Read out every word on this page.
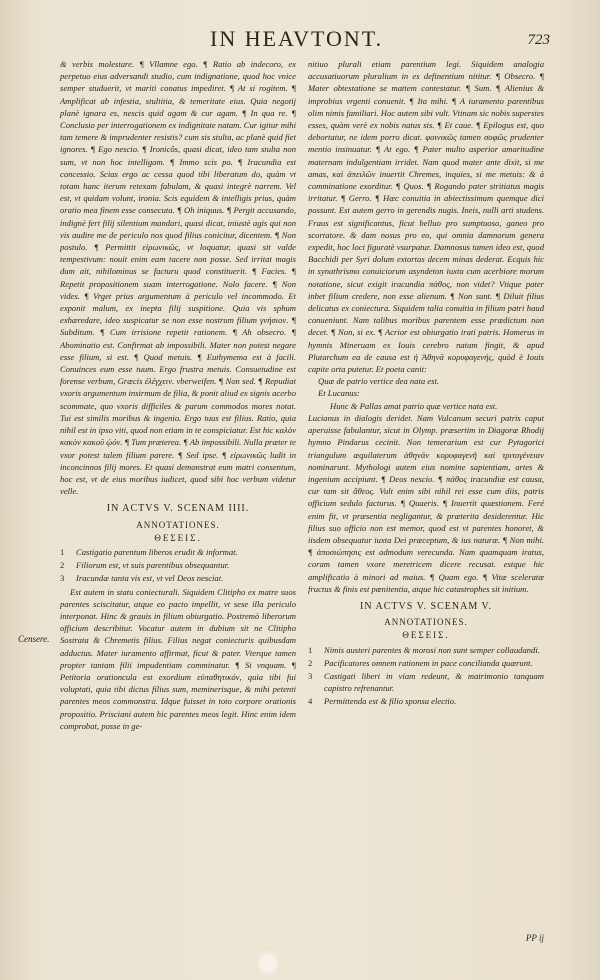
IN HEAVTONT.	723

& verbis molestare. ¶ Vllamne ego. ¶ Ratio ab indecoro, ex perpetuo eius adversandi studio, cum indignatione, quod hoc vnice semper studuerit, vt mariti conatus impediret. ¶ At si rogitem. ¶ Amplificat ab infestia, stultitia, & temeritate eius. Quia negotij planè ignara es, nescis quid agam & cur agam. ¶ In qua re. ¶ Conclusio per interrogationem ex indignitate natam. Cur igitur mihi tam temere & imprudenter resistis? cum sis stulta, ac planè quid fiet ignores. ¶ Ego nescio. ¶ Ironicôs, quasi dicat, ideo tam stulta non sum, vt non hoc intelligam. ¶ Immo scis po. ¶ Iracundia est concessio. Scias ergo ac cessa quod tibi liberatum do, quàm vt totam hanc iterum retexam fabulam, & quasi integrè narrem. Vel est, vt quidam volunt, ironia. Scis equidem & intelligis prius, quàm oratio mea finem esse consecuta. ¶ Oh iniquus. ¶ Pergit accusando, indignè fert filij silentium mandari, quasi dicat, iniustè agis qui non vis audire me de periculo nos quod filius conicitur, dicentem. ¶ Non postulo. ¶ Permittit εἰρωνικῶς, vt loquatur, quasi sit valde tempestivum: nouit enim eam tacere non posse. Sed irritat magis dum ait, nihilominus se facturu quod constituerit. ¶ Facies. ¶ Repetit propositionem suam interrogatione. Nolo facere. ¶ Non vides. ¶ Vrget prius argumentum à periculo vel incommodo. Et exponit malum, ex inepta filij suspitione. Quia vis sphum exhæredare, ideo suspicatur se non esse nostrum filium γνήσιον. ¶ Subditum. ¶ Cum irrisione repetit rationem. ¶ Ah obsecro. ¶ Abominatio est. Confirmat ab impossibili. Mater non potest negare esse filium, si est. ¶ Quod metuis. ¶ Euthymema est à facili. Conuinces eum esse tuum. Ergo frustra metuis. Consuetudine est forense verbum, Græcis ἐλέγχειν. vberweifen. ¶ Non sed. ¶ Repudiat vxoris argumentum insirmum de filia, & ponit aliud ex signis acerbo scommate, quo vxoris difficiles & parum commodos mores notat. Tui est similis moribus & ingenio. Ergo tuus est filius. Ratio, quia nihil est in ipso viti, quod non etiam in te conspiciatur. Est hic καλὸν κακὸν κακοῦ ᾠόν. ¶ Tum præterea. ¶ Ab impossibili. Nulla præter te vxor potest talem filium parere. ¶ Sed ipse. ¶ εἰρωνικῶς ludit in inconcinnos filij mores. Et quasi demonstrat eum matri consentum, hoc est, vt de eius moribus iudicet, quod sibi hoc verbum videtur velle.

IN ACTVS V. SCENAM IIII.
ANNOTATIONES.
ΘΕΣΕΙΣ.
1	Castigatio parentum liberos erudit & informat.
2	Filiorum est, vt suis parentibus obsequantur.
3	Iracundæ tanta vis est, vt vel Deos nesciat.

Est autem in statu coniecturali. Siquidem Clitipho ex matre suos parentes sciscitatur, atque eo pacto impellit, vt sese illa periculo interponat. Hinc & grauis in filium obiurgatio. Postremò liberorum officium describitur. Vocatur autem in dubium sit ne Clitipho Sostrata & Chremetis filius. Filius negat coniecturis quibusdam adductus. Mater iuramento affirmat, ficut & pater. Vterque tamen propter tantam filii impudentiam comminatur. ¶ Si vnquam. ¶ Petitoria orationcula est exordium εὐπαθητικόν, quia tibi fui voluptati, quia tibi dictus filius sum, meminerisque, & mihi petenti parentes meos commonstra. Idque fuisset in toto corpore orationis propositio. Prisciani autem hic parentes meos legit. Hinc enim idem comprobat, posse in ge-

nitiuo plurali etiam parentium legi. Siquidem analogia accusatiuorum pluralium in es definentium nititur. ¶ Obsecro. ¶ Mater obtestatione se mattem contestatur. ¶ Sum. ¶ Alienius & improbius vrgenti conuenit. ¶ Ita mihi. ¶ A iuramento parentibus olim nimis familiari. Hoc autem sibi vult. Vtinam sic nobis superstes esses, quàm verè ex nobis natus sis. ¶ Et caue. ¶ Epilogus est, quo debortatur, ne idem porro dicat. φοινικῶς tamen σοφῶς prudenter mentio insinuatur. ¶ At ego. ¶ Pater multo asperior amaritudine maternam indulgentiam irridet. Nam quod mater ante dixit, si me amas, καὶ ἀπειλῶν inuertit Chremes, inquies, si me metuis: & à comminatione exorditur. ¶ Quos. ¶ Rogando pater stritiatus magis irritatur. ¶ Gerro. ¶ Hæc conuitia in abiectissimum quemque dici possunt. Est autem gerro in gerendis nugis. Ineis, nulli arti studens. Fraus est significantus, ficut belluo pro sumptuoso, ganeo pro scortatore. & dam nosus pro eo, qui omnia damnorum genera expedit, hoc loci figuratè vsurpatur. Damnosus tamen ideo est, quod Bacchidi per Syri dolum extortas decem minas dederat. Ecquis hic in synathrismo conuiciorum asyndeton iuxta cum acerbiore morum notatione, sicut exigit iracundia πάθος, non videt? Vtique pater inbet filium credere, non esse alienum. ¶ Non sunt. ¶ Diluit filius delicatus ex coniectura. Siquidem talia conuitia in filium patri haud conueniunt. Nam talibus moribus parentem esse prædictum non decet. ¶ Non, si ex. ¶ Acrior est obiurgatio irati patris. Homerus in hymnis Mineruam ex Iouis cerebro natam fingit, & apud Plutarchum ea de causa est ἡ Ἀθηνᾶ κορυφαγενής, quòd è Iouis capite orta putetur. Et poeta canit:

Quæ de patrio vertice dea nata est.

Et Lucanus:

Hunc & Pallas amat patrio quæ vertice nata est.

Lucianus in dialogis deridet. Nam Vulcanum securi patris caput aperuisse fabulantur, sicut in Olymp. præsertim in Diagoræ Rhodij hymno Pindarus cecinit. Non temerarium est cur Pytagorici triangulum æquilaterum ἀθηνᾶν κορυφαγενῆ καὶ τριτογένειαν nominarunt. Mythologi autem eius nomine sapientiam, artes & ingenium accipiunt. ¶ Deos nescio. ¶ πάθος iracundiæ est causa, cur tam sit ἄθεος. Vult enim sibi nihil rei esse cum diis, patris officium sedulo facturus. ¶ Quaeris. ¶ Inuertit quæstionem. Feré enim fit, vt præsentia negligantur, & præterita desiderentur. Hic filius suo officio non est memor, quod est vt parentes honoret, & iisdem obsequatur iuxta Dei præceptum, & ius naturæ. ¶ Non mihi. ¶ ἀποσιώπησις est admodum verecunda. Nam quamquam iratus, coram tamen vxore meretricem dicere recusat. estque hic amplificatio à minori ad maius. ¶ Quam ego. ¶ Vitæ sceleratæ fructus & finis est pœnitentia, atque hic catastrophes sit initium.

IN ACTVS V. SCENAM V.
ANNOTATIONES.
ΘΕΣΕΙΣ.
1	Nimis austeri parentes & morosi non sunt semper collaudandi.
2	Pacificatores omnem rationem in pace concilianda quærunt.
3	Castigati liberi in viam redeunt, & matrimonio tanquam capistro refrenantur.
4	Permittenda est & filio sponsa electio.
Censere.
PP ij
